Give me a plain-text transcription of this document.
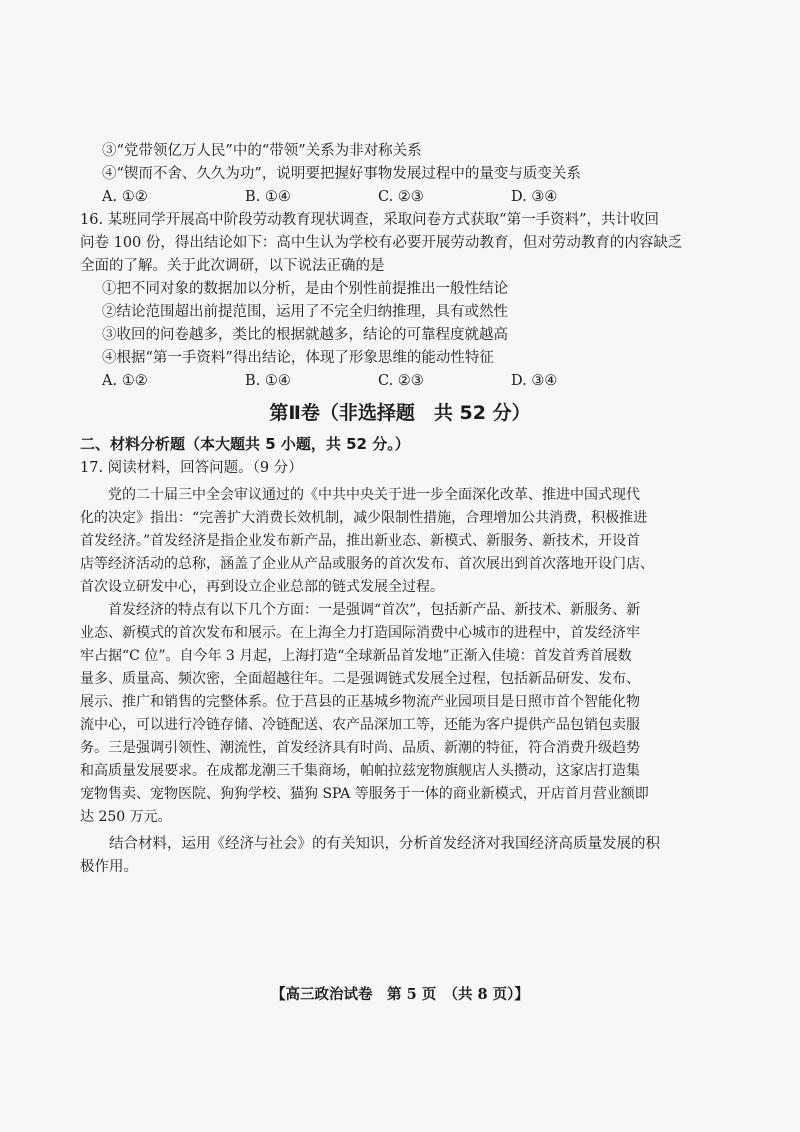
③“党带领亿万人民”中的“带领”关系为非对称关系
④“锲而不舍、久久为功”，说明要把握好事物发展过程中的量变与质变关系
A. ①②	B. ①④	C. ②③	D. ③④
16. 某班同学开展高中阶段劳动教育现状调查，采取问卷方式获取“第一手资料”，共计收回
问卷 100 份，得出结论如下：高中生认为学校有必要开展劳动教育，但对劳动教育的内容缺乏
全面的了解。关于此次调研，以下说法正确的是
①把不同对象的数据加以分析，是由个别性前提推出一般性结论
②结论范围超出前提范围，运用了不完全归纳推理，具有或然性
③收回的问卷越多，类比的根据就越多，结论的可靠程度就越高
④根据“第一手资料”得出结论，体现了形象思维的能动性特征
A. ①②	B. ①④	C. ②③	D. ③④
第Ⅱ卷（非选择题　共 52 分）
二、材料分析题（本大题共 5 小题，共 52 分。）
17. 阅读材料，回答问题。（9 分）
　　党的二十届三中全会审议通过的《中共中央关于进一步全面深化改革、推进中国式现代
化的决定》指出：“完善扩大消费长效机制，减少限制性措施，合理增加公共消费，积极推进
首发经济。”首发经济是指企业发布新产品，推出新业态、新模式、新服务、新技术，开设首
店等经济活动的总称，涵盖了企业从产品或服务的首次发布、首次展出到首次落地开设门店、
首次设立研发中心，再到设立企业总部的链式发展全过程。
　　首发经济的特点有以下几个方面：一是强调“首次”，包括新产品、新技术、新服务、新
业态、新模式的首次发布和展示。在上海全力打造国际消费中心城市的进程中，首发经济牢
牢占据“C 位”。自今年 3 月起，上海打造“全球新品首发地”正渐入佳境：首发首秀首展数
量多、质量高、频次密，全面超越往年。二是强调链式发展全过程，包括新品研发、发布、
展示、推广和销售的完整体系。位于莒县的正基城乡物流产业园项目是日照市首个智能化物
流中心，可以进行冷链存储、冷链配送、农产品深加工等，还能为客户提供产品包销包卖服
务。三是强调引领性、潮流性，首发经济具有时尚、品质、新潮的特征，符合消费升级趋势
和高质量发展要求。在成都龙潮三千集商场，帕帕拉兹宠物旗舰店人头攒动，这家店打造集
宠物售卖、宠物医院、狗狗学校、猫狗 SPA 等服务于一体的商业新模式，开店首月营业额即
达 250 万元。
　　结合材料，运用《经济与社会》的有关知识，分析首发经济对我国经济高质量发展的积
极作用。
【高三政治试卷　第 5 页　（共 8 页）】
